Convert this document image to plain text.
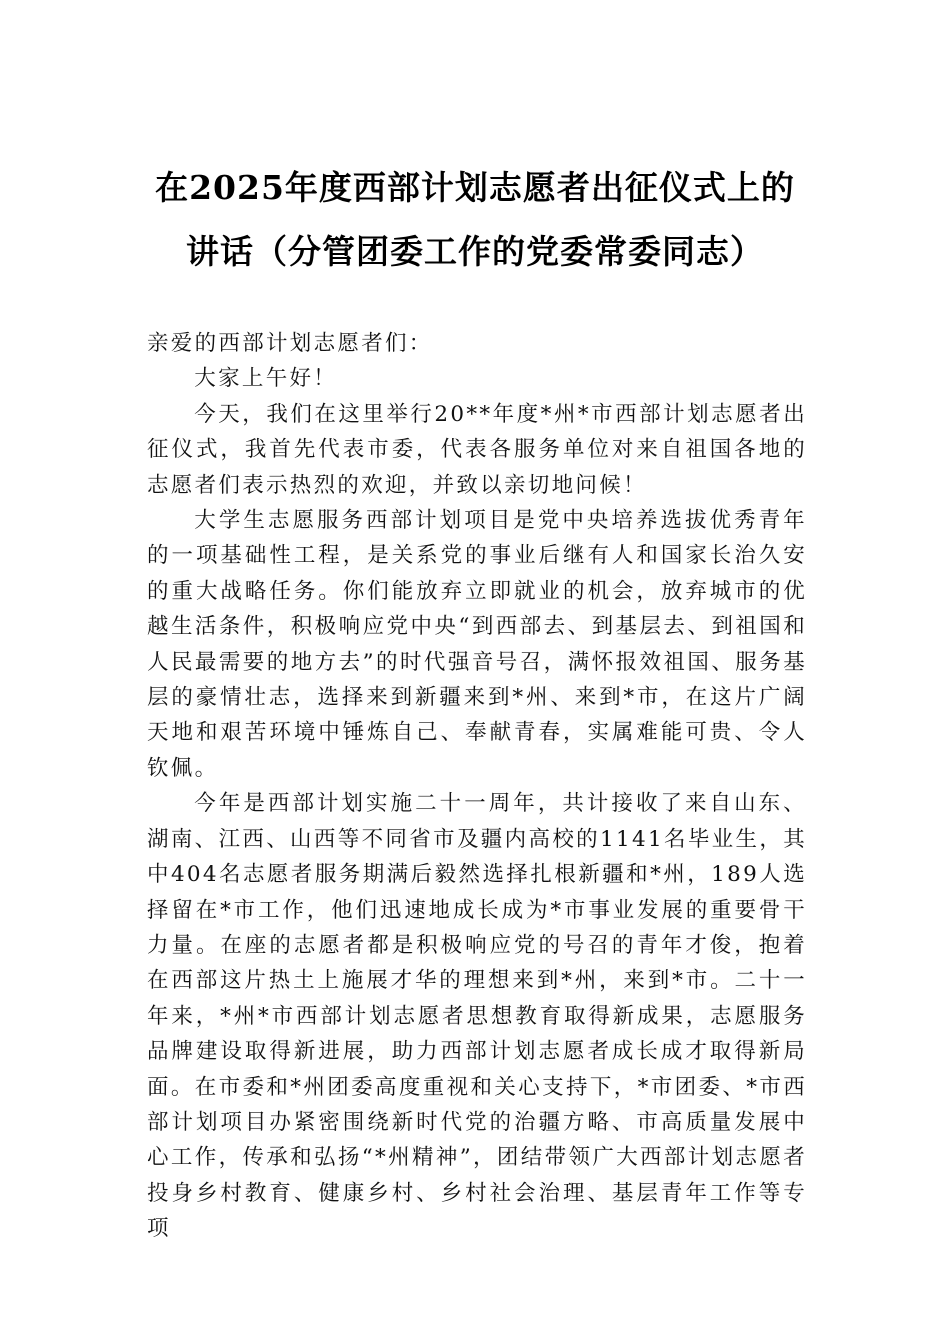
在2025年度西部计划志愿者出征仪式上的
讲话（分管团委工作的党委常委同志）

亲爱的西部计划志愿者们：

大家上午好！

今天，我们在这里举行20**年度*州*市西部计划志愿者出征仪式，我首先代表市委，代表各服务单位对来自祖国各地的志愿者们表示热烈的欢迎，并致以亲切地问候！

大学生志愿服务西部计划项目是党中央培养选拔优秀青年的一项基础性工程，是关系党的事业后继有人和国家长治久安的重大战略任务。你们能放弃立即就业的机会，放弃城市的优越生活条件，积极响应党中央“到西部去、到基层去、到祖国和人民最需要的地方去”的时代强音号召，满怀报效祖国、服务基层的豪情壮志，选择来到新疆来到*州、来到*市，在这片广阔天地和艰苦环境中锤炼自己、奉献青春，实属难能可贵、令人钦佩。

今年是西部计划实施二十一周年，共计接收了来自山东、湖南、江西、山西等不同省市及疆内高校的1141名毕业生，其中404名志愿者服务期满后毅然选择扎根新疆和*州，189人选择留在*市工作，他们迅速地成长成为*市事业发展的重要骨干力量。在座的志愿者都是积极响应党的号召的青年才俊，抱着在西部这片热土上施展才华的理想来到*州，来到*市。二十一年来，*州*市西部计划志愿者思想教育取得新成果，志愿服务品牌建设取得新进展，助力西部计划志愿者成长成才取得新局面。在市委和*州团委高度重视和关心支持下，*市团委、*市西部计划项目办紧密围绕新时代党的治疆方略、市高质量发展中心工作，传承和弘扬“*州精神”，团结带领广大西部计划志愿者投身乡村教育、健康乡村、乡村社会治理、基层青年工作等专项
